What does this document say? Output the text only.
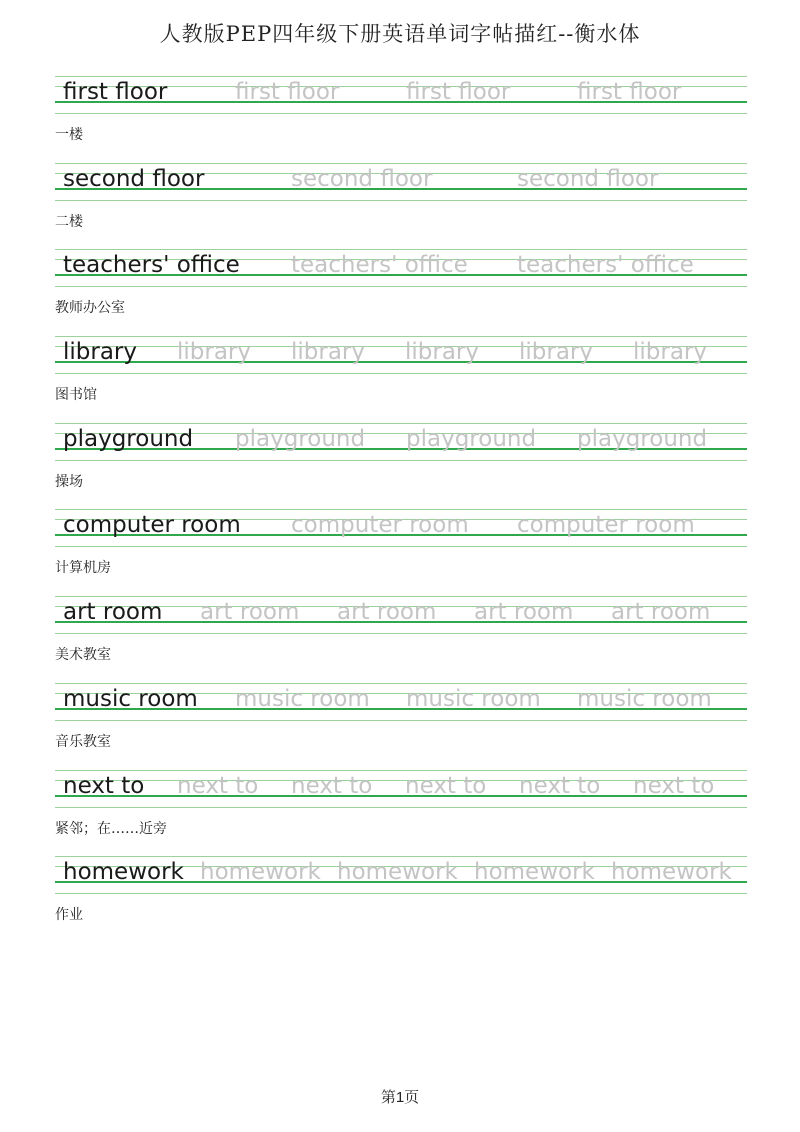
人教版PEP四年级下册英语单词字帖描红--衡水体
first floor	first floor	first floor	first floor
一楼
second floor	second floor	second floor
二楼
teachers' office teachers' office teachers' office
教师办公室
library library library library library library
图书馆
playground playground playground playground
操场
computer room computer room computer room
计算机房
art room art room art room art room art room
美术教室
music room music room music room music room
音乐教室
next to next to next to next to next to next to
紧邻；在……近旁
homework homework homework homework homework
作业
第1页
